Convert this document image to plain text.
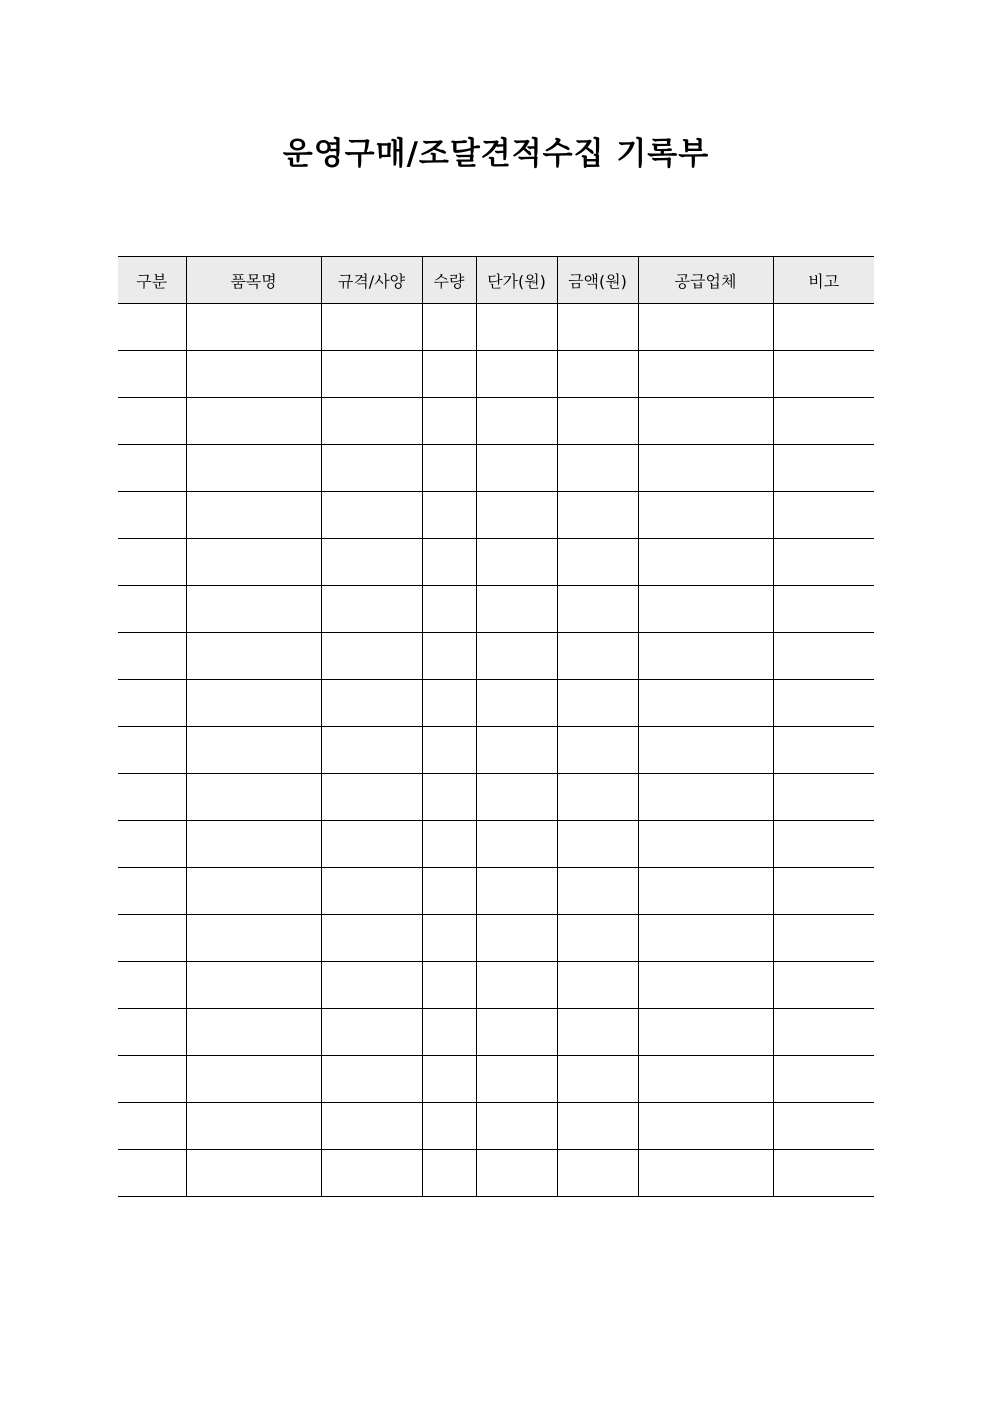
운영구매/조달견적수집 기록부
구분	품목명	규격/사양	수량	단가(원)	금액(원)	공급업체	비고
